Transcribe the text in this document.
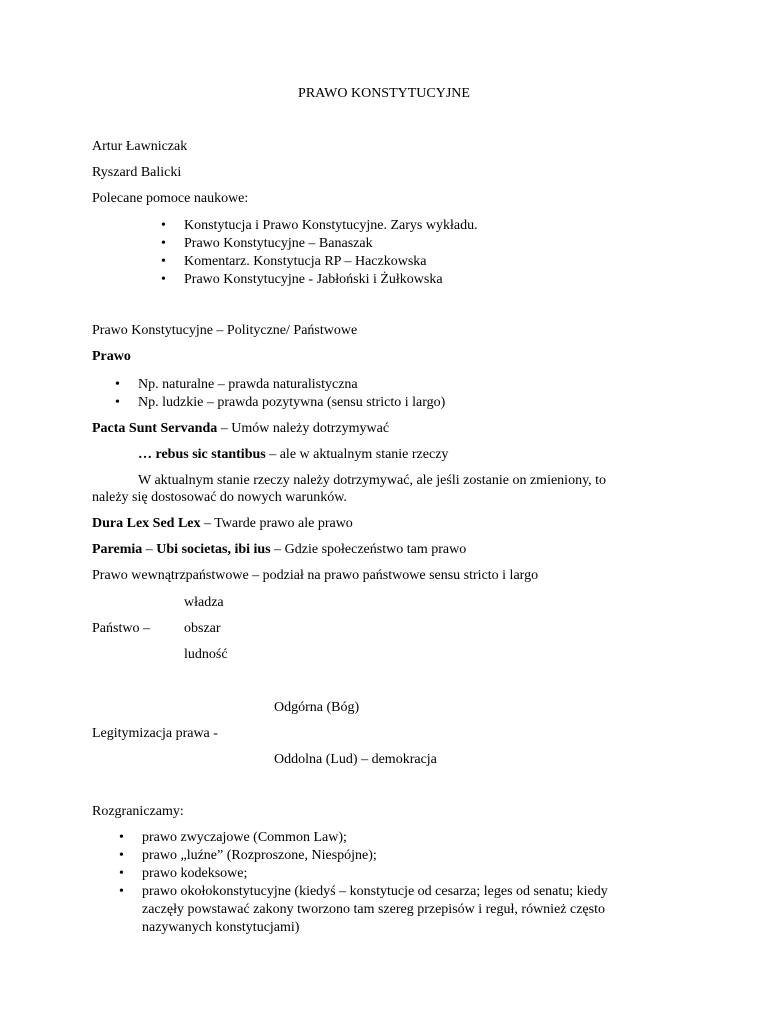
PRAWO KONSTYTUCYJNE
Artur Ławniczak
Ryszard Balicki
Polecane pomoce naukowe:
• Konstytucja i Prawo Konstytucyjne. Zarys wykładu.
• Prawo Konstytucyjne – Banaszak
• Komentarz. Konstytucja RP – Haczkowska
• Prawo Konstytucyjne - Jabłoński i Żułkowska
Prawo Konstytucyjne – Polityczne/ Państwowe
Prawo
• Np. naturalne – prawda naturalistyczna
• Np. ludzkie – prawda pozytywna (sensu stricto i largo)
Pacta Sunt Servanda – Umów należy dotrzymywać
… rebus sic stantibus – ale w aktualnym stanie rzeczy
W aktualnym stanie rzeczy należy dotrzymywać, ale jeśli zostanie on zmieniony, to
należy się dostosować do nowych warunków.
Dura Lex Sed Lex – Twarde prawo ale prawo
Paremia – Ubi societas, ibi ius – Gdzie społeczeństwo tam prawo
Prawo wewnątrzpaństwowe – podział na prawo państwowe sensu stricto i largo
władza
Państwo – obszar
ludność
Odgórna (Bóg)
Legitymizacja prawa -
Oddolna (Lud) – demokracja
Rozgraniczamy:
• prawo zwyczajowe (Common Law);
• prawo „luźne” (Rozproszone, Niespójne);
• prawo kodeksowe;
• prawo okołokonstytucyjne (kiedyś – konstytucje od cesarza; leges od senatu; kiedy
zaczęły powstawać zakony tworzono tam szereg przepisów i reguł, również często
nazywanych konstytucjami)
